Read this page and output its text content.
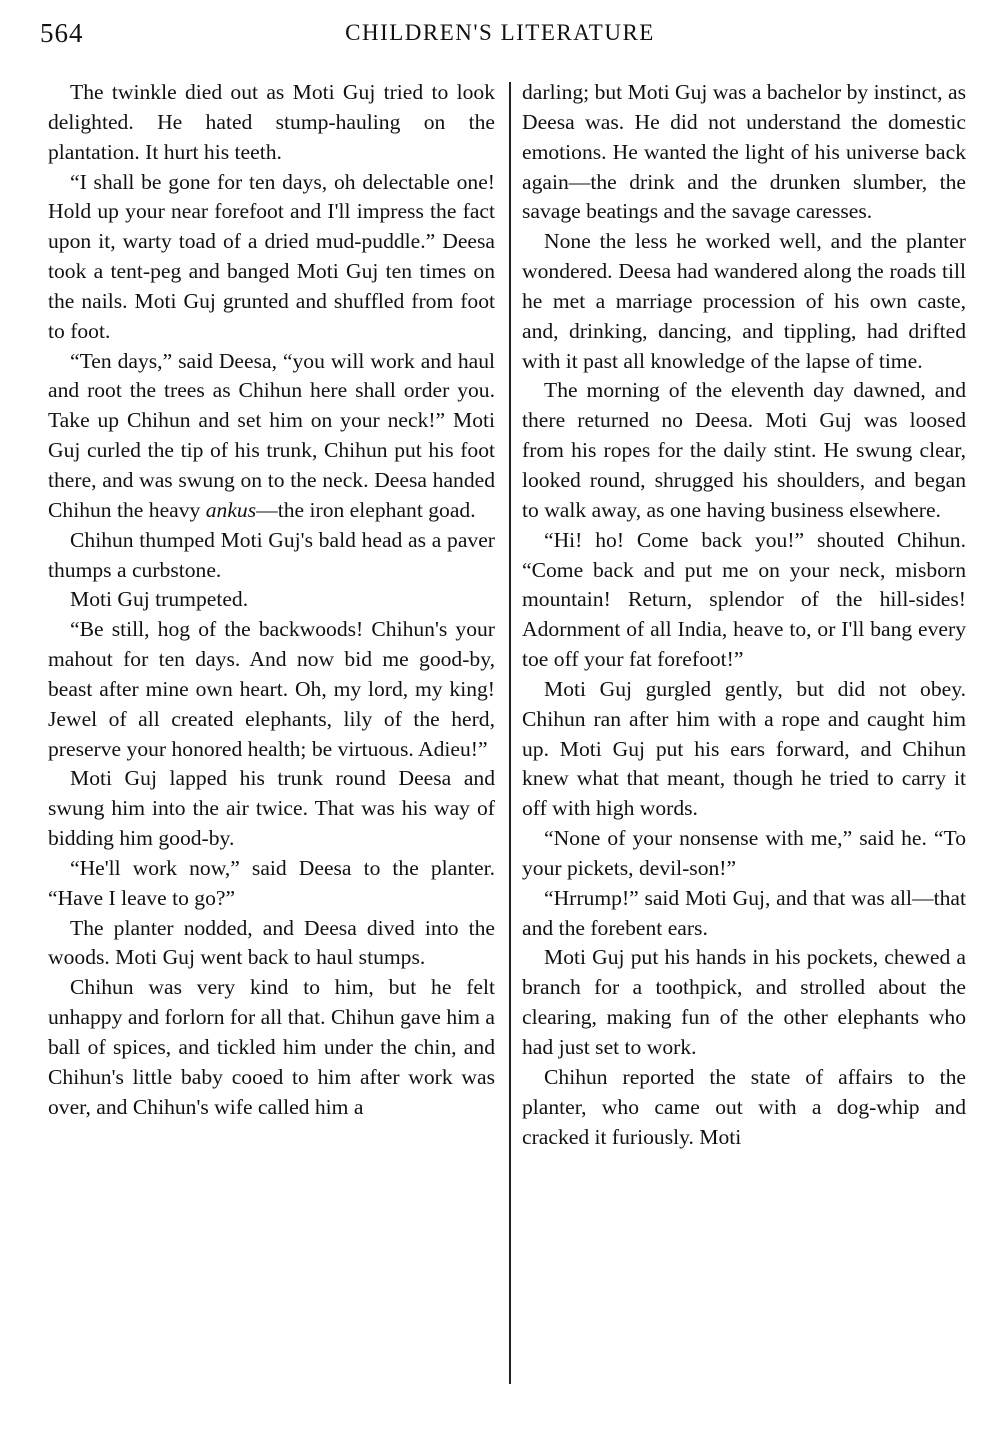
564	CHILDREN'S LITERATURE

The twinkle died out as Moti Guj tried to look delighted. He hated stump-hauling on the plantation. It hurt his teeth.

“I shall be gone for ten days, oh delectable one! Hold up your near forefoot and I'll impress the fact upon it, warty toad of a dried mud-puddle.” Deesa took a tent-peg and banged Moti Guj ten times on the nails. Moti Guj grunted and shuffled from foot to foot.

“Ten days,” said Deesa, “you will work and haul and root the trees as Chihun here shall order you. Take up Chihun and set him on your neck!” Moti Guj curled the tip of his trunk, Chihun put his foot there, and was swung on to the neck. Deesa handed Chihun the heavy ankus—the iron elephant goad.

Chihun thumped Moti Guj's bald head as a paver thumps a curbstone.

Moti Guj trumpeted.

“Be still, hog of the backwoods! Chihun's your mahout for ten days. And now bid me good-by, beast after mine own heart. Oh, my lord, my king! Jewel of all created elephants, lily of the herd, preserve your honored health; be virtuous. Adieu!”

Moti Guj lapped his trunk round Deesa and swung him into the air twice. That was his way of bidding him good-by.

“He'll work now,” said Deesa to the planter. “Have I leave to go?”

The planter nodded, and Deesa dived into the woods. Moti Guj went back to haul stumps.

Chihun was very kind to him, but he felt unhappy and forlorn for all that. Chihun gave him a ball of spices, and tickled him under the chin, and Chihun's little baby cooed to him after work was over, and Chihun's wife called him a

darling; but Moti Guj was a bachelor by instinct, as Deesa was. He did not understand the domestic emotions. He wanted the light of his universe back again—the drink and the drunken slumber, the savage beatings and the savage caresses.

None the less he worked well, and the planter wondered. Deesa had wandered along the roads till he met a marriage procession of his own caste, and, drinking, dancing, and tippling, had drifted with it past all knowledge of the lapse of time.

The morning of the eleventh day dawned, and there returned no Deesa. Moti Guj was loosed from his ropes for the daily stint. He swung clear, looked round, shrugged his shoulders, and began to walk away, as one having business elsewhere.

“Hi! ho! Come back you!” shouted Chihun. “Come back and put me on your neck, misborn mountain! Return, splendor of the hill-sides! Adornment of all India, heave to, or I'll bang every toe off your fat forefoot!”

Moti Guj gurgled gently, but did not obey. Chihun ran after him with a rope and caught him up. Moti Guj put his ears forward, and Chihun knew what that meant, though he tried to carry it off with high words.

“None of your nonsense with me,” said he. “To your pickets, devil-son!”

“Hrrump!” said Moti Guj, and that was all—that and the forebent ears.

Moti Guj put his hands in his pockets, chewed a branch for a toothpick, and strolled about the clearing, making fun of the other elephants who had just set to work.

Chihun reported the state of affairs to the planter, who came out with a dog-whip and cracked it furiously. Moti
